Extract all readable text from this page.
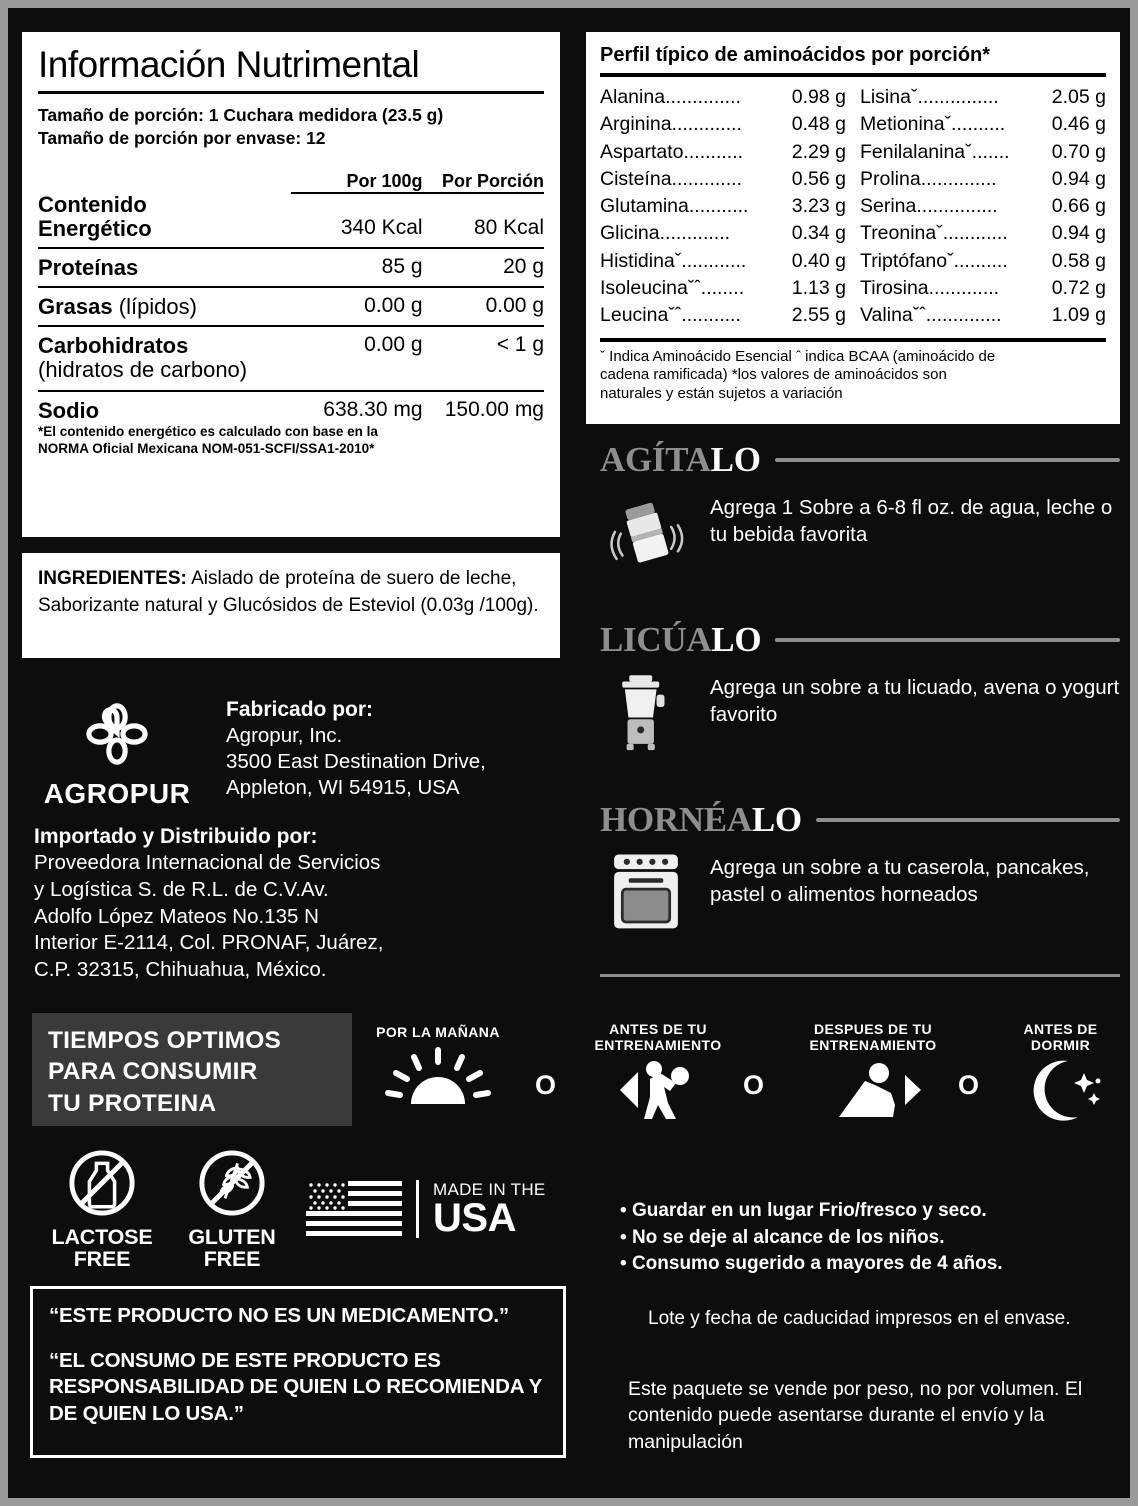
Información Nutrimental
Tamaño de porción: 1 Cuchara medidora (23.5 g)
Tamaño de porción por envase: 12
	Por 100g	Por Porción
Contenido
Energético	340 Kcal	80 Kcal
Proteínas	85 g	20 g
Grasas (lípidos)	0.00 g	0.00 g
Carbohidratos	0.00 g	< 1 g

(hidratos de carbono)

Sodio	638.30 mg	150.00 mg
*El contenido energético es calculado con base en la
NORMA Oficial Mexicana NOM-051-SCFI/SSA1-2010*
Perfil típico de aminoácidos por porción*
Alanina ..............	0.98 g
Arginina .............	0.48 g
Aspartato ...........	2.29 g
Cisteína .............	0.56 g
Glutamina ...........	3.23 g
Glicina .............	0.34 g
Histidinaˇ ............	0.40 g
Isoleucinaˇˆ ........	1.13 g
Leucinaˇˆ ...........	2.55 g
Lisinaˇ ...............	2.05 g
Metioninaˇ ..........	0.46 g
Fenilalaninaˇ .......	0.70 g
Prolina ..............	0.94 g
Serina ...............	0.66 g
Treoninaˇ ............	0.94 g
Triptófanoˇ ..........	0.58 g
Tirosina .............	0.72 g
Valinaˇˆ ..............	1.09 g
ˇ Indica Aminoácido Esencial ˆ indica BCAA (aminoácido de
cadena ramificada) *los valores de aminoácidos son
naturales y están sujetos a variación
INGREDIENTES: Aislado de proteína de suero de leche, Saborizante natural y Glucósidos de Esteviol (0.03g /100g).
AGROPUR
Fabricado por:
Agropur, Inc.
3500 East Destination Drive,
Appleton, WI 54915, USA
Importado y Distribuido por:
Proveedora Internacional de Servicios
y Logística S. de R.L. de C.V.Av.
Adolfo López Mateos No.135 N
Interior E-2114, Col. PRONAF, Juárez,
C.P. 32315, Chihuahua, México.
AGÍTALO
Agrega 1 Sobre a 6-8 fl oz. de agua, leche o tu bebida favorita
LICÚALO
Agrega un sobre a tu licuado, avena o yogurt favorito
HORNÉALO
Agrega un sobre a tu caserola, pancakes, pastel o alimentos horneados
TIEMPOS OPTIMOS
PARA CONSUMIR
TU PROTEINA
POR LA MAÑANA
O
ANTES DE TU
ENTRENAMIENTO
O
DESPUES DE TU
ENTRENAMIENTO
O
ANTES DE
DORMIR
LACTOSE
FREE
GLUTEN
FREE
MADE IN THE
USA

“ESTE PRODUCTO NO ES UN MEDICAMENTO.”

“EL CONSUMO DE ESTE PRODUCTO ES RESPONSABILIDAD DE QUIEN LO RECOMIENDA Y DE QUIEN LO USA.”

• Guardar en un lugar Frio/fresco y seco.
• No se deje al alcance de los niños.
• Consumo sugerido a mayores de 4 años.
Lote y fecha de caducidad impresos en el envase.
Este paquete se vende por peso, no por volumen. El contenido puede asentarse durante el envío y la manipulación
